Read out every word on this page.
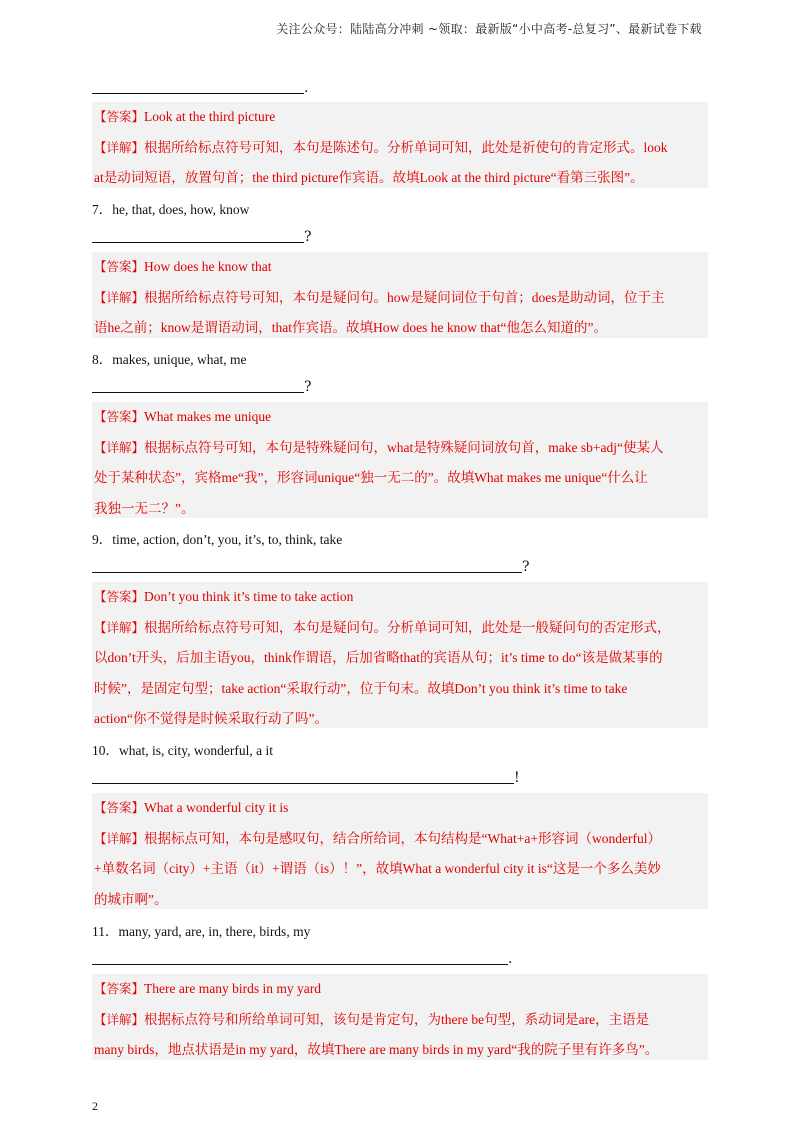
关注公众号：陆陆高分冲刺 ~领取：最新版“小中高考-总复习”、最新试卷下载
.

【答案】Look at the third picture

【详解】根据所给标点符号可知，本句是陈述句。分析单词可知，此处是祈使句的肯定形式。look

at是动词短语，放置句首；the third picture作宾语。故填Look at the third picture“看第三张图”。

7．he, that, does, how, know
?

【答案】How does he know that

【详解】根据所给标点符号可知，本句是疑问句。how是疑问词位于句首；does是助动词，位于主

语he之前；know是谓语动词，that作宾语。故填How does he know that“他怎么知道的”。

8．makes, unique, what, me
?

【答案】What makes me unique

【详解】根据标点符号可知，本句是特殊疑问句，what是特殊疑问词放句首，make sb+adj“使某人

处于某种状态”，宾格me“我”，形容词unique“独一无二的”。故填What makes me unique“什么让

我独一无二？”。

9．time, action, don’t, you, it’s, to, think, take
?

【答案】Don’t you think it’s time to take action

【详解】根据所给标点符号可知，本句是疑问句。分析单词可知，此处是一般疑问句的否定形式，

以don’t开头，后加主语you，think作谓语，后加省略that的宾语从句；it’s time to do“该是做某事的

时候”，是固定句型；take action“采取行动”，位于句末。故填Don’t you think it’s time to take

action“你不觉得是时候采取行动了吗”。

10．what, is, city, wonderful, a it
!

【答案】What a wonderful city it is

【详解】根据标点可知，本句是感叹句，结合所给词，本句结构是“What+a+形容词（wonderful）

+单数名词（city）+主语（it）+谓语（is）！”，故填What a wonderful city it is“这是一个多么美妙

的城市啊”。

11．many, yard, are, in, there, birds, my
.

【答案】There are many birds in my yard

【详解】根据标点符号和所给单词可知，该句是肯定句，为there be句型，系动词是are，主语是

many birds，地点状语是in my yard，故填There are many birds in my yard“我的院子里有许多鸟”。

2
